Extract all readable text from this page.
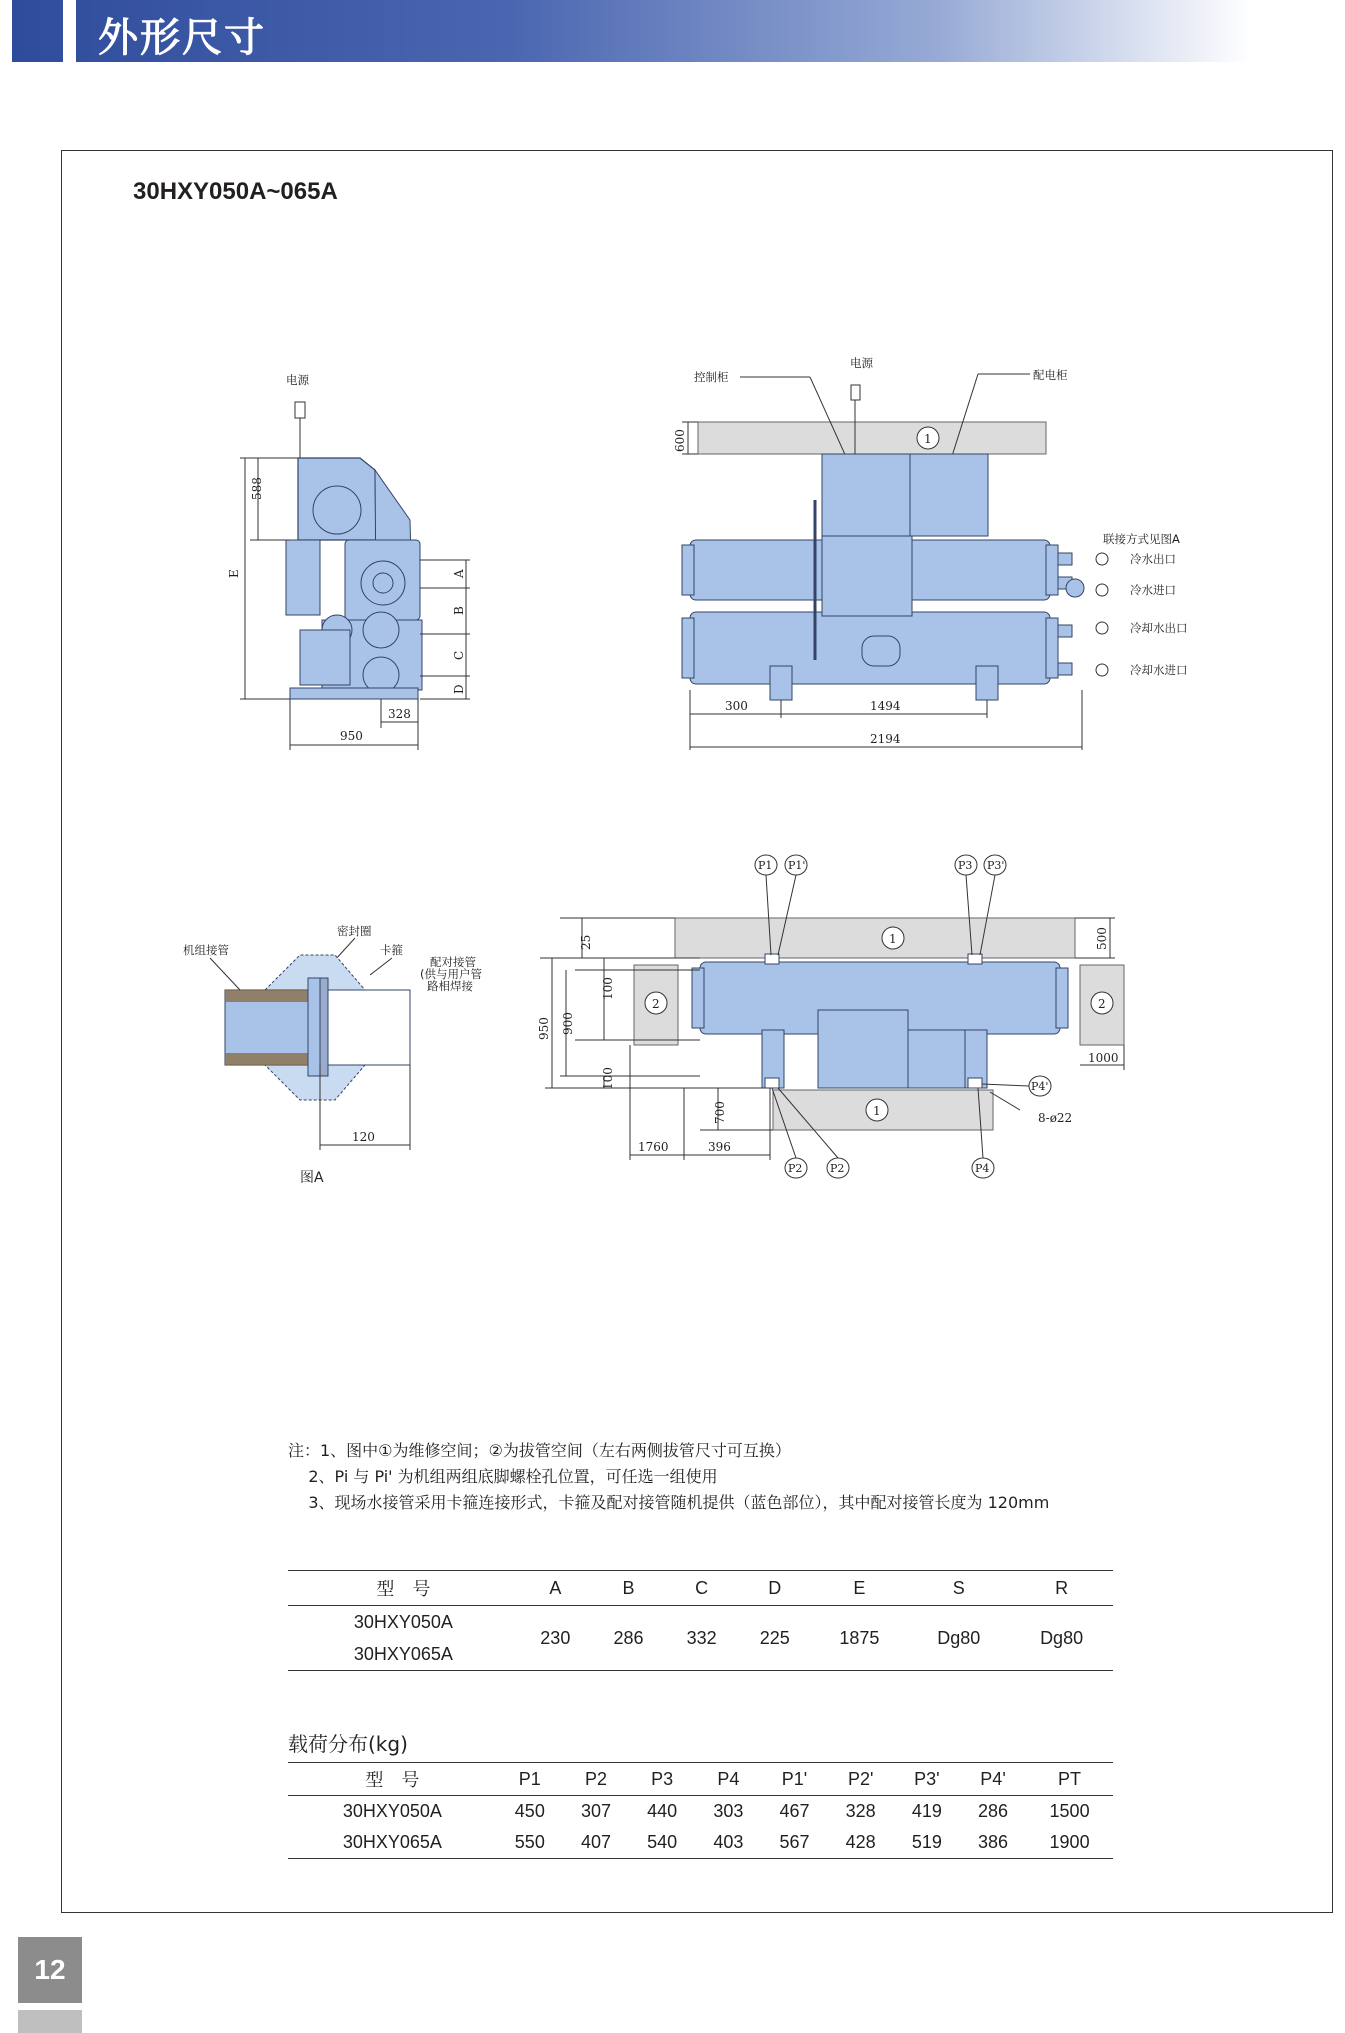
外形尺寸
30HXY050A~065A
电源
588
E	A
B
C
D
328
950
1
600
控制柜
电源
配电柜
联接方式见图A
冷水出口
冷水进口
冷却水出口
冷却水进口
300	1494
2194
机组接管
密封圈
卡箍
配对接管
(供与用户管
路相焊接
120
图A
1
1
2	2
P1 P1'	P3 P3'
P2	P2	P4
P4'
8-ø22
25
100
950 900
100
700
500
1000
1760	396
注：1、图中①为维修空间；②为拔管空间（左右两侧拔管尺寸可互换）
2、Pi 与 Pi' 为机组两组底脚螺栓孔位置，可任选一组使用
3、现场水接管采用卡箍连接形式，卡箍及配对接管随机提供（蓝色部位），其中配对接管长度为 120mm
型　号	A	B	C	D	E	S	R
30HXY050A	230	286	332	225	1875	Dg80	Dg80
30HXY065A							
载荷分布(kg)
型　号	P1	P2	P3	P4	P1'	P2'	P3'	P4'	PT
30HXY050A	450	307	440	303	467	328	419	286	1500
30HXY065A	550	407	540	403	567	428	519	386	1900
12
